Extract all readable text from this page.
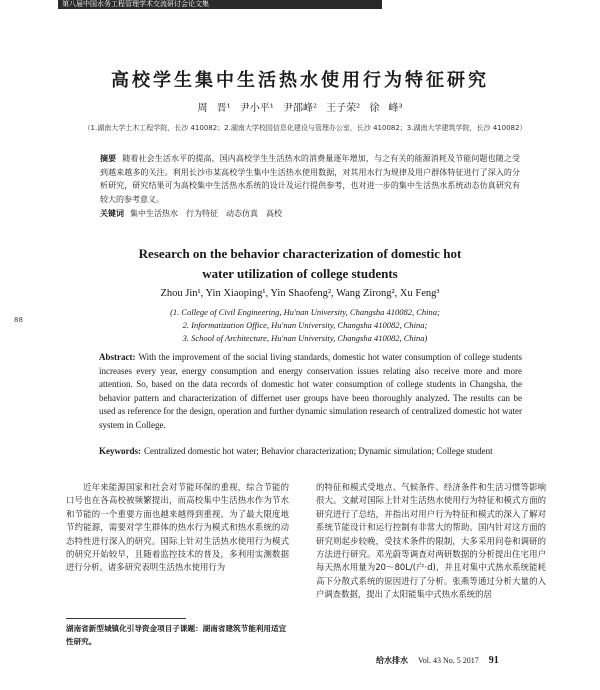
第八届中国水务工程管理学术交流研讨会论文集
88
高校学生集中生活热水使用行为特征研究
周 晋¹ 尹小平¹ 尹邵峰² 王子荣² 徐 峰³
（1.湖南大学土木工程学院，长沙 410082；2.湖南大学校园信息化建设与管理办公室，长沙 410082；3.湖南大学建筑学院，长沙 410082）
摘要 随着社会生活水平的提高，国内高校学生生活热水的消费量逐年增加，与之有关的能源消耗及节能问题也随之受到越来越多的关注。利用长沙市某高校学生集中生活热水使用数据，对其用水行为规律及用户群体特征进行了深入的分析研究，研究结果可为高校集中生活热水系统的设计及运行提供参考，也对进一步的集中生活热水系统动态仿真研究有较大的参考意义。
关键词 集中生活热水　行为特征　动态仿真　高校
Research on the behavior characterization of domestic hot
water utilization of college students
Zhou Jin¹, Yin Xiaoping¹, Yin Shaofeng², Wang Zirong², Xu Feng³
(1. College of Civil Engineering, Hu'nan University, Changsha 410082, China;
2. Informatization Office, Hu'nan University, Changsha 410082, China;
3. School of Architecture, Hu'nan University, Changsha 410082, China)
Abstract: With the improvement of the social living standards, domestic hot water consumption of college students increases every year, energy consumption and energy conservation issues relating also receive more and more attention. So, based on the data records of domestic hot water consumption of college students in Changsha, the behavior pattern and characterization of differnet user groups have been thoroughly analyzed. The results can be used as reference for the design, operation and further dynamic simulation research of centralized domestic hot water system in College.
Keywords: Centralized domestic hot water; Behavior characterization; Dynamic simulation; College student
近年来能源国家和社会对节能环保的重视，综合节能的口号也在各高校被频繁提出，而高校集中生活热水作为节水和节能的一个重要方面也越来越得到重视。为了最大限度地节约能源，需要对学生群体的热水行为模式和热水系统的动态特性进行深入的研究。国际上针对生活热水使用行为模式的研究开始较早，且随着监控技术的普及，多利用实测数据进行分析。诸多研究表明生活热水使用行为
的特征和模式受地点、气候条件、经济条件和生活习惯等影响很大。文献对国际上针对生活热水使用行为特征和模式方面的研究进行了总结，并指出对用户行为特征和模式的深入了解对系统节能设计和运行控制有非常大的帮助。国内针对这方面的研究则起步较晚，受技术条件的限制，大多采用问卷和调研的方法进行研究。邓光蔚等调查对两研数据的分析提出住宅用户每天热水用量为20～80L/(户·d)，并且对集中式热水系统能耗高下分散式系统的原因进行了分析。张燕等通过分析大量的入户调查数据，提出了太阳能集中式热水系统的居
湖南省新型城镇化引导资金项目子课题：湖南省建筑节能利用适宜性研究。
给水排水 Vol. 43 No. 5 2017 91
